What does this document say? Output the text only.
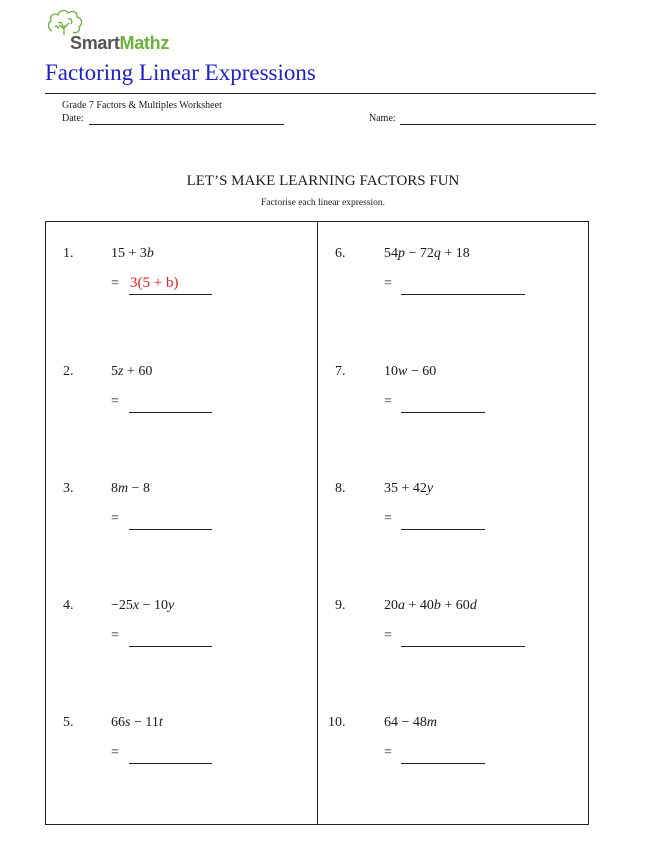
SmartMathz
Factoring Linear Expressions
Grade 7 Factors & Multiples Worksheet
Date:	Name:
LET’S MAKE LEARNING FACTORS FUN
Factorise each linear expression.
1.	15 + 3b
= 3(5 + b)
2.	5z + 60
=
3.	8m − 8
=
4.	−25x − 10y
=
5.	66s − 11t
=
6.	54p − 72q + 18
=
7.	10w − 60
=
8.	35 + 42y
=
9.	20a + 40b + 60d
=
10.	64 − 48m
=
